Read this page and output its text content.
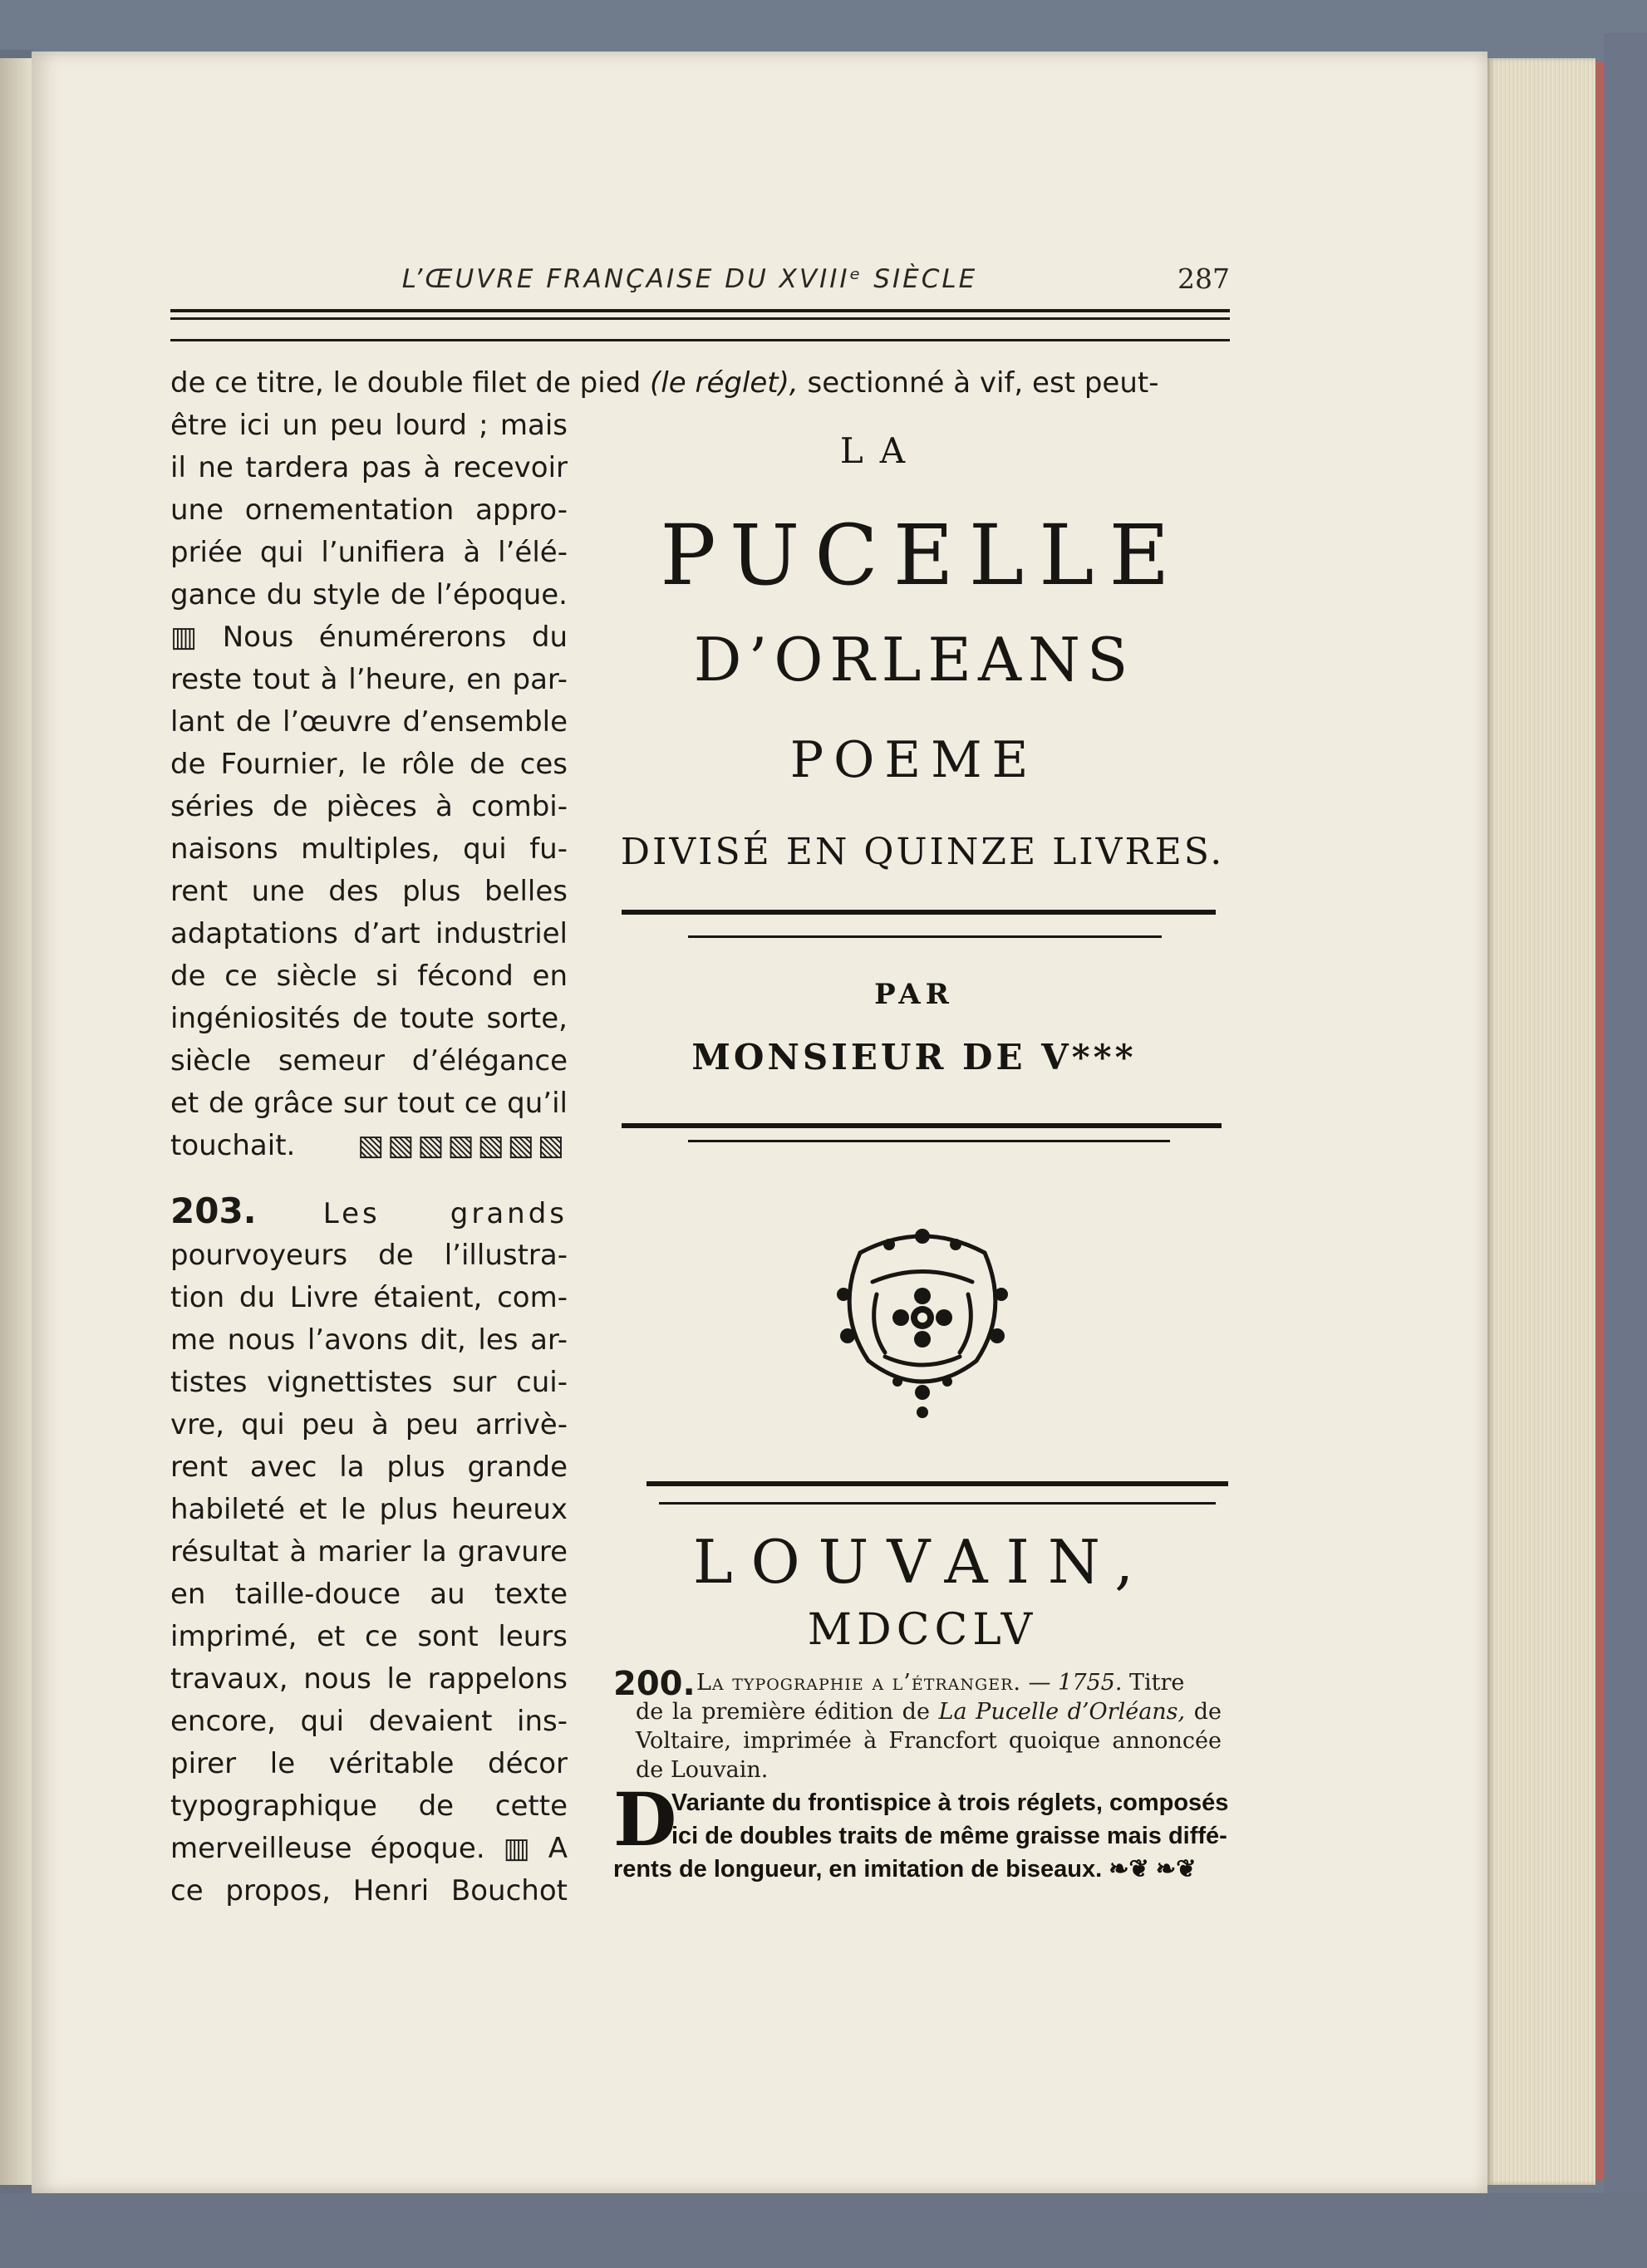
L’ŒUVRE FRANÇAISE DU XVIIIᵉ SIÈCLE	287
de ce titre, le double filet de pied (le réglet), sectionné à vif, est peut-
être ici un peu lourd ; mais
il ne tardera pas à recevoir
une ornementation appro-
priée qui l’unifiera à l’élé-
gance du style de l’époque.
▥ Nous énumérerons du
reste tout à l’heure, en par-
lant de l’œuvre d’ensemble
de Fournier, le rôle de ces
séries de pièces à combi-
naisons multiples, qui fu-
rent une des plus belles
adaptations d’art industriel
de ce siècle si fécond en
ingéniosités de toute sorte,
siècle semeur d’élégance
et de grâce sur tout ce qu’il
touchait. ▧▧▧▧▧▧▧
203. Les grands
pourvoyeurs de l’illustra-
tion du Livre étaient, com-
me nous l’avons dit, les ar-
tistes vignettistes sur cui-
vre, qui peu à peu arrivè-
rent avec la plus grande
habileté et le plus heureux
résultat à marier la gravure
en taille-douce au texte
imprimé, et ce sont leurs
travaux, nous le rappelons
encore, qui devaient ins-
pirer le véritable décor
typographique de cette
merveilleuse époque. ▥ A
ce propos, Henri Bouchot
LA
PUCELLE
D’ORLEANS
POEME
DIVISÉ EN QUINZE LIVRES.
PAR
MONSIEUR DE V***
LOUVAIN,
MDCCLV
200. La typographie a l’étranger. — 1755. Titre
de la première édition de La Pucelle d’Orléans, de
Voltaire, imprimée à Francfort quoique annoncée
de Louvain.
D
Variante du frontispice à trois réglets, composés
ici de doubles traits de même graisse mais diffé-
rents de longueur, en imitation de biseaux. ❧❦ ❧❦
